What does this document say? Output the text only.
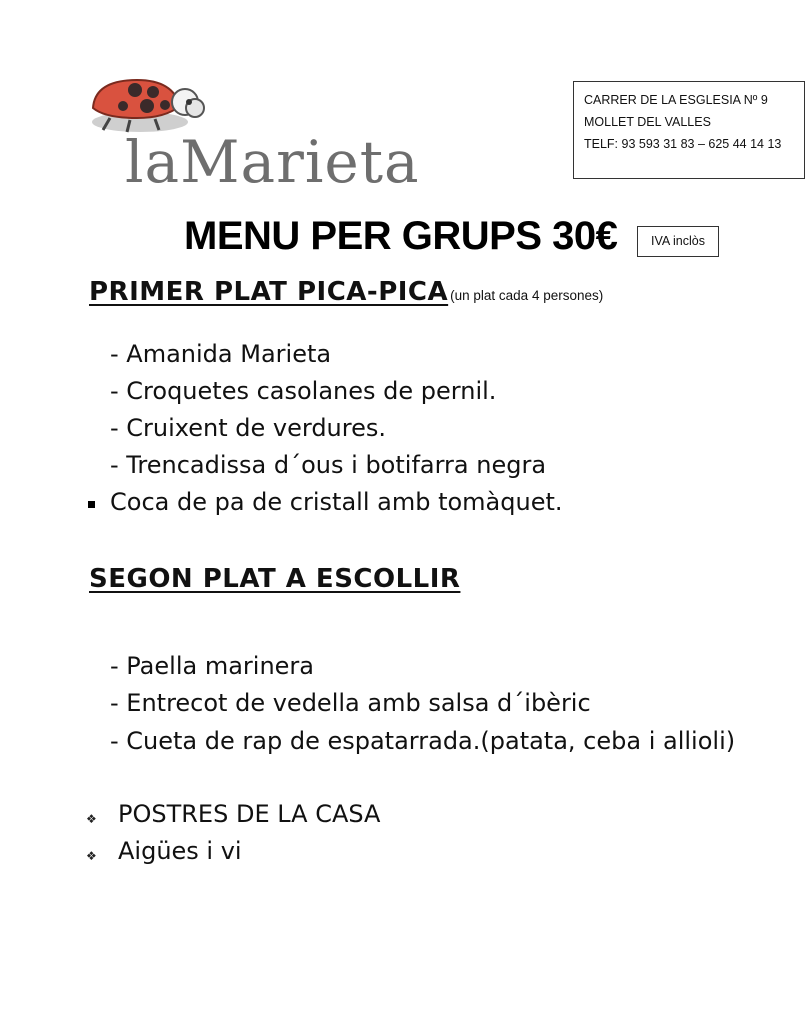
laMarieta
CARRER DE LA ESGLESIA Nº 9
MOLLET DEL VALLES
TELF: 93 593 31 83 – 625 44 14 13
MENU PER GRUPS 30€	IVA inclòs
PRIMER PLAT PICA-PICA (un plat cada 4 persones)
- Amanida Marieta
- Croquetes casolanes de pernil.
- Cruixent de verdures.
- Trencadissa d´ous i botifarra negra
Coca de pa de cristall amb tomàquet.
SEGON PLAT A ESCOLLIR
- Paella marinera
- Entrecot de vedella amb salsa d´ibèric
- Cueta de rap de espatarrada.(patata, ceba i allioli)
❖ POSTRES DE LA CASA
❖ Aigües i vi
